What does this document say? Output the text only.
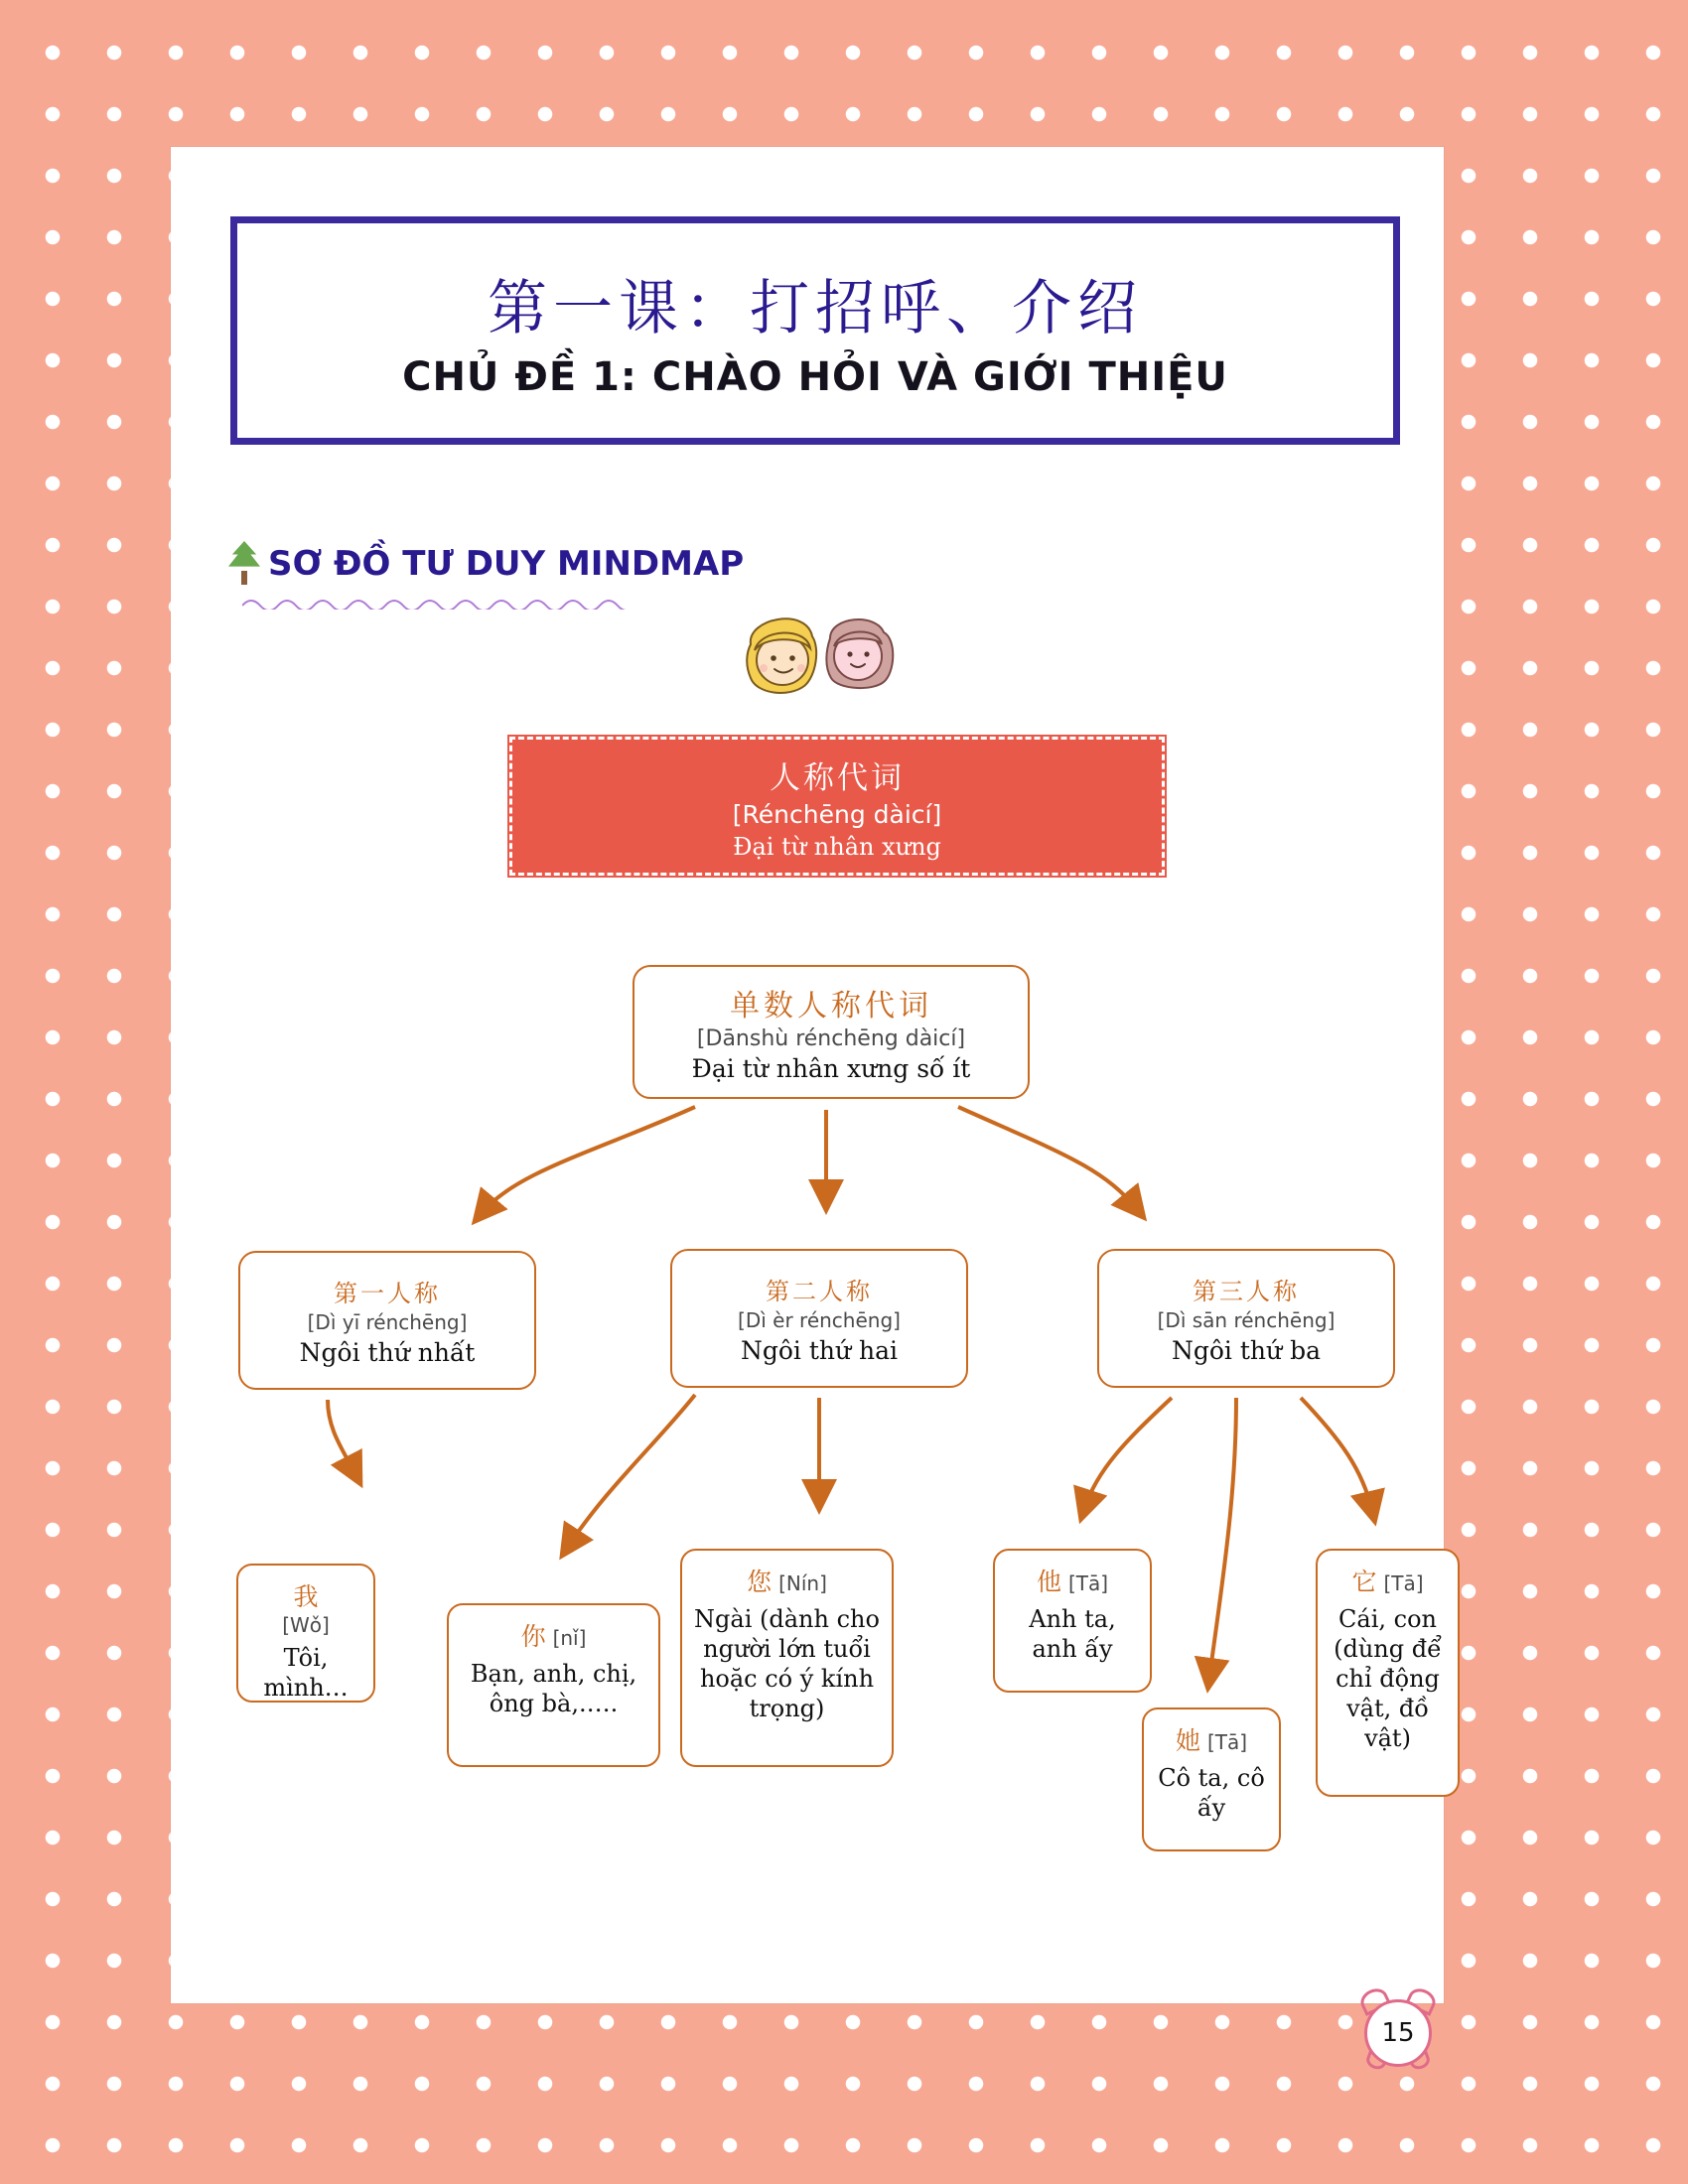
第一课：打招呼、介绍
CHỦ ĐỀ 1: CHÀO HỎI VÀ GIỚI THIỆU
SƠ ĐỒ TƯ DUY MINDMAP
人称代词
[Rénchēng dàicí]
Đại từ nhân xưng
单数人称代词
[Dānshù rénchēng dàicí]
Đại từ nhân xưng số ít
第一人称
[Dì yī rénchēng]
Ngôi thứ nhất
第二人称
[Dì èr rénchēng]
Ngôi thứ hai
第三人称
[Dì sān rénchēng]
Ngôi thứ ba
我
[Wǒ]
Tôi, mình…
你 [nǐ]
Bạn, anh, chị, ông bà,.….
您 [Nín]
Ngài (dành cho người lớn tuổi hoặc có ý kính trọng)
他 [Tā]
Anh ta, anh ấy
她 [Tā]
Cô ta, cô ấy
它 [Tā]
Cái, con (dùng để chỉ động vật, đồ vật)
15
